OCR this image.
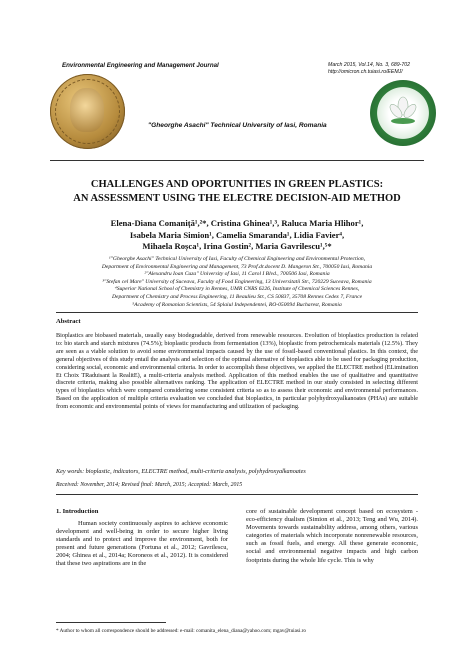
Environmental Engineering and Management Journal	March 2015, Vol.14, No. 3, 689-702
http://omicron.ch.tuiasi.ro/EEMJ/
"Gheorghe Asachi" Technical University of Iasi, Romania
CHALLENGES AND OPORTUNITIES IN GREEN PLASTICS:
AN ASSESSMENT USING THE ELECTRE DECISION-AID METHOD
Elena-Diana Comaniță¹,²*, Cristina Ghinea¹,³, Raluca Maria Hlihor¹,
Isabela Maria Simion¹, Camelia Smaranda¹, Lidia Favier⁴,
Mihaela Roșca¹, Irina Gostin², Maria Gavrilescu¹,⁵*
¹"Gheorghe Asachi" Technical University of Iasi, Faculty of Chemical Engineering and Environmental Protection,
Department of Environmental Engineering and Management, 73 Prof.dr.docent D. Mangeron Str., 700050 Iasi, Romania
²"Alexandru Ioan Cuza" University of Iasi, 11 Carol I Blvd., 700506 Iasi, Romania
³"Stefan cel Mare" University of Suceava, Faculty of Food Engineering, 13 Universitatii Str., 720229 Suceava, Romania
⁴Superior National School of Chemistry in Rennes, UMR CNRS 6226, Institute of Chemical Sciences Rennes,
Department of Chemistry and Process Engineering, 11 Beaulieu Str., CS 50837, 35708 Rennes Cedex 7, France
⁵Academy of Romanian Scientists, 54 Splaiul Independentei, RO-050094 Bucharest, Romania
Abstract
Bioplastics are biobased materials, usually easy biodegradable, derived from renewable resources. Evolution of bioplastics production is related to: bio starch and starch mixtures (74.5%); bioplastic products from fermentation (13%), bioplastic from petrochemicals materials (12.5%). They are seen as a viable solution to avoid some environmental impacts caused by the use of fossil-based conventional plastics. In this context, the general objectives of this study entail the analysis and selection of the optimal alternative of bioplastics able to be used for packaging production, considering social, economic and environmental criteria. In order to accomplish these objectives, we applied the ELECTRE method (ELimination Et Choix TRaduisant la RealitE), a multi-criteria analysis method. Application of this method enables the use of qualitative and quantitative discrete criteria, making also possible alternatives ranking. The application of ELECTRE method in our study consisted in selecting different types of bioplastics which were compared considering some consistent criteria so as to assess their economic and environmental performances. Based on the application of multiple criteria evaluation we concluded that bioplastics, in particular polyhydroxyalkanoates (PHAs) are suitable from economic and environmental points of views for manufacturing and utilization of packaging.
Key words: bioplastic, indicators, ELECTRE method, multi-criteria analysis, polyhydroxyalkanoates
Received: November, 2014; Revised final: March, 2015; Accepted: March, 2015
1. Introduction
Human society continuously aspires to achieve economic development and well-being in order to secure higher living standards and to protect and improve the environment, both for present and future generations (Fortuna et al., 2012; Gavrilescu, 2004; Ghinea et al., 2014a; Koroneos et al., 2012). It is considered that these two aspirations are in the
core of sustainable development concept based on ecosystem - eco-efficiency dualism (Simion et al., 2013; Teng and Wu, 2014). Movements towards sustainability address, among others, various categories of materials which incorporate nonrenewable resources, such as fossil fuels, and energy. All these generate economic, social and environmental negative impacts and high carbon footprints during the whole life cycle. This is why
* Author to whom all correspondence should be addressed: e-mail: comanita_elena_diana@yahoo.com; mgav@tuiasi.ro
